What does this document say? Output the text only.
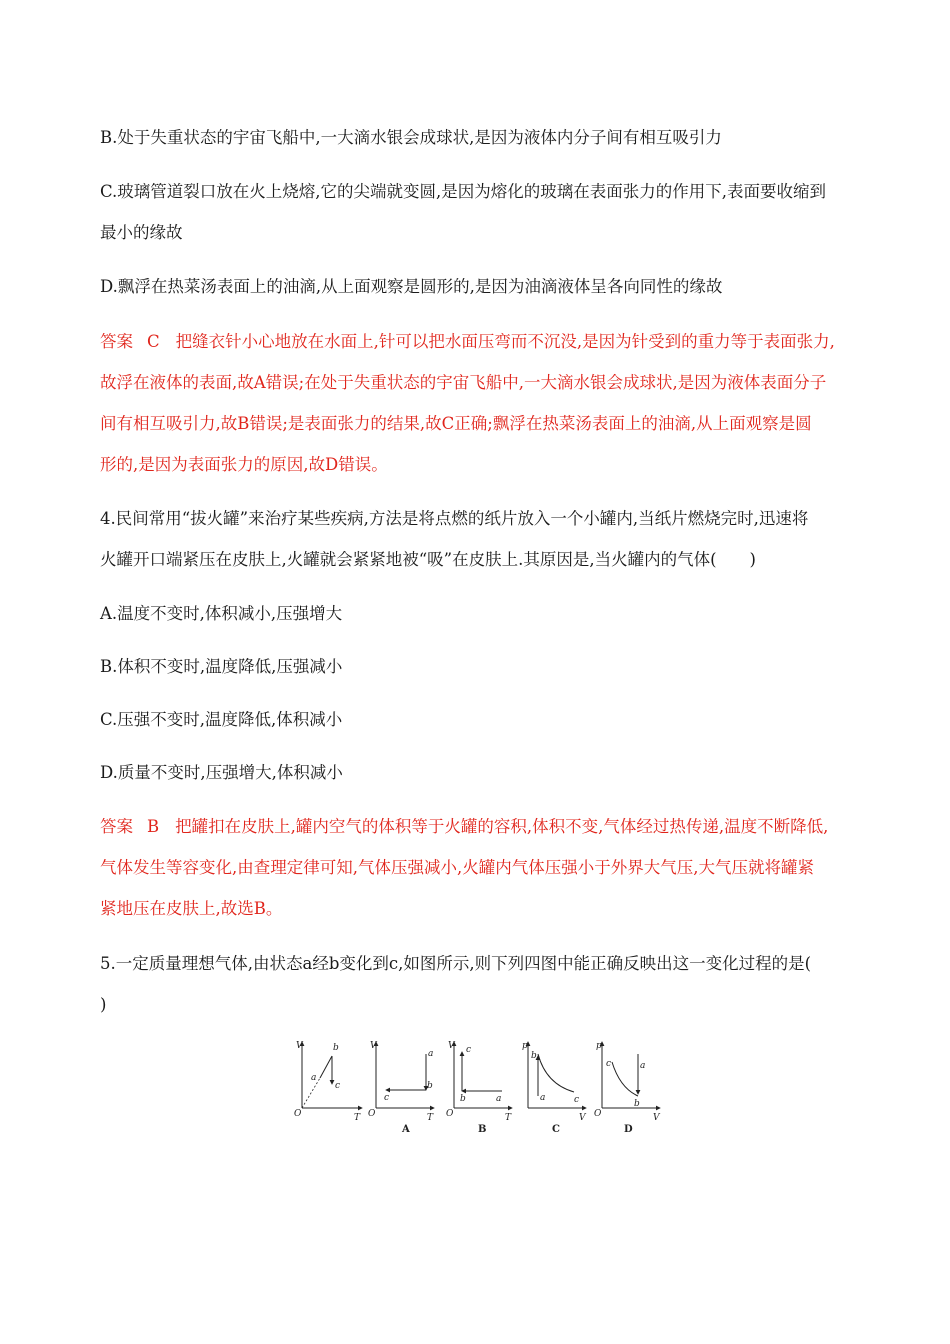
B.处于失重状态的宇宙飞船中,一大滴水银会成球状,是因为液体内分子间有相互吸引力
C.玻璃管道裂口放在火上烧熔,它的尖端就变圆,是因为熔化的玻璃在表面张力的作用下,表面要收缩到
最小的缘故
D.飘浮在热菜汤表面上的油滴,从上面观察是圆形的,是因为油滴液体呈各向同性的缘故
答案 C 把缝衣针小心地放在水面上,针可以把水面压弯而不沉没,是因为针受到的重力等于表面张力,
故浮在液体的表面,故A错误;在处于失重状态的宇宙飞船中,一大滴水银会成球状,是因为液体表面分子
间有相互吸引力,故B错误;是表面张力的结果,故C正确;飘浮在热菜汤表面上的油滴,从上面观察是圆
形的,是因为表面张力的原因,故D错误。
4.民间常用“拔火罐”来治疗某些疾病,方法是将点燃的纸片放入一个小罐内,当纸片燃烧完时,迅速将
火罐开口端紧压在皮肤上,火罐就会紧紧地被“吸”在皮肤上.其原因是,当火罐内的气体(　　)
A.温度不变时,体积减小,压强增大
B.体积不变时,温度降低,压强减小
C.压强不变时,温度降低,体积减小
D.质量不变时,压强增大,体积减小
答案 B 把罐扣在皮肤上,罐内空气的体积等于火罐的容积,体积不变,气体经过热传递,温度不断降低,
气体发生等容变化,由查理定律可知,气体压强减小,火罐内气体压强小于外界大气压,大气压就将罐紧
紧地压在皮肤上,故选B。
5.一定质量理想气体,由状态a经b变化到c,如图所示,则下列四图中能正确反映出这一变化过程的是(
)
V
T
O
a
b
c
V
T
O
a
b
c
A
V
T
O
a
b
c
B
p
V
a
b
c
C
p
V
O
a
b
c
D
